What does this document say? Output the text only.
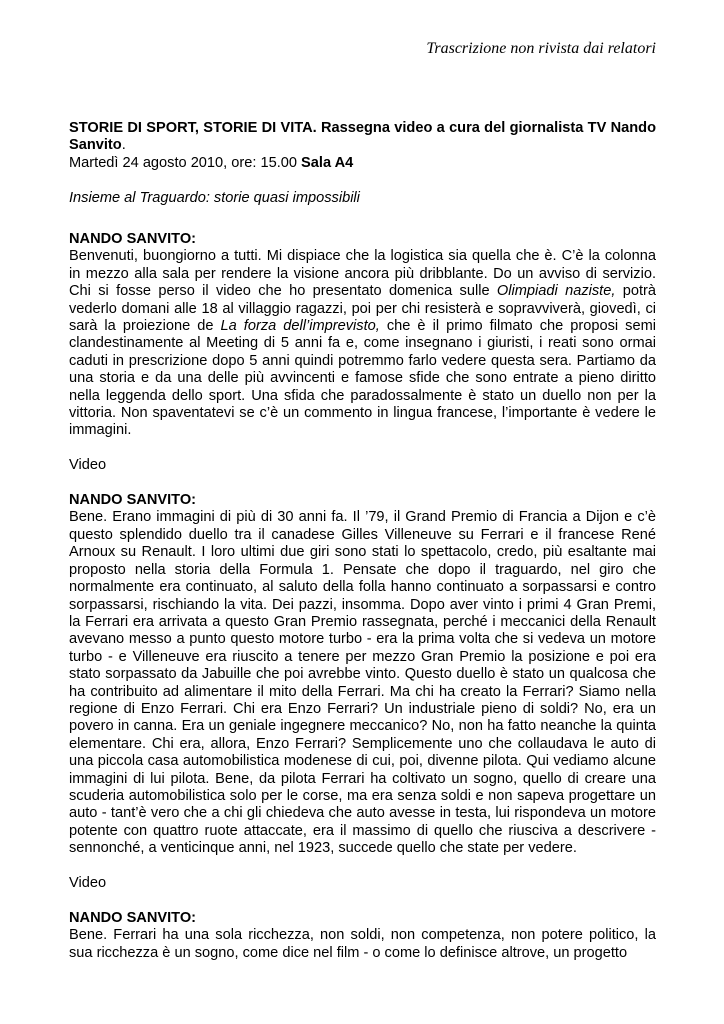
Trascrizione non rivista dai relatori

STORIE DI SPORT, STORIE DI VITA. Rassegna video a cura del giornalista TV Nando Sanvito.

Martedì 24 agosto 2010, ore: 15.00 Sala A4

Insieme al Traguardo: storie quasi impossibili

NANDO SANVITO:

Benvenuti, buongiorno a tutti. Mi dispiace che la logistica sia quella che è. C’è la colonna in mezzo alla sala per rendere la visione ancora più dribblante. Do un avviso di servizio. Chi si fosse perso il video che ho presentato domenica sulle Olimpiadi naziste, potrà vederlo domani alle 18 al villaggio ragazzi, poi per chi resisterà e sopravviverà, giovedì, ci sarà la proiezione de La forza dell’imprevisto, che è il primo filmato che proposi semi clandestinamente al Meeting di 5 anni fa e, come insegnano i giuristi, i reati sono ormai caduti in prescrizione dopo 5 anni quindi potremmo farlo vedere questa sera. Partiamo da una storia e da una delle più avvincenti e famose sfide che sono entrate a pieno diritto nella leggenda dello sport. Una sfida che paradossalmente è stato un duello non per la vittoria. Non spaventatevi se c’è un commento in lingua francese, l’importante è vedere le immagini.

Video

NANDO SANVITO:

Bene. Erano immagini di più di 30 anni fa. Il ’79, il Grand Premio di Francia a Dijon e c’è questo splendido duello tra il canadese Gilles Villeneuve su Ferrari e il francese René Arnoux su Renault. I loro ultimi due giri sono stati lo spettacolo, credo, più esaltante mai proposto nella storia della Formula 1. Pensate che dopo il traguardo, nel giro che normalmente era continuato, al saluto della folla hanno continuato a sorpassarsi e contro sorpassarsi, rischiando la vita. Dei pazzi, insomma. Dopo aver vinto i primi 4 Gran Premi, la Ferrari era arrivata a questo Gran Premio rassegnata, perché i meccanici della Renault avevano messo a punto questo motore turbo - era la prima volta che si vedeva un motore turbo - e Villeneuve era riuscito a tenere per mezzo Gran Premio la posizione e poi era stato sorpassato da Jabuille che poi avrebbe vinto. Questo duello è stato un qualcosa che ha contribuito ad alimentare il mito della Ferrari. Ma chi ha creato la Ferrari? Siamo nella regione di Enzo Ferrari. Chi era Enzo Ferrari? Un industriale pieno di soldi? No, era un povero in canna. Era un geniale ingegnere meccanico? No, non ha fatto neanche la quinta elementare. Chi era, allora, Enzo Ferrari? Semplicemente uno che collaudava le auto di una piccola casa automobilistica modenese di cui, poi, divenne pilota. Qui vediamo alcune immagini di lui pilota. Bene, da pilota Ferrari ha coltivato un sogno, quello di creare una scuderia automobilistica solo per le corse, ma era senza soldi e non sapeva progettare un auto - tant’è vero che a chi gli chiedeva che auto avesse in testa, lui rispondeva un motore potente con quattro ruote attaccate, era il massimo di quello che riusciva a descrivere - sennonché, a venticinque anni, nel 1923, succede quello che state per vedere.

Video

NANDO SANVITO:

Bene. Ferrari ha una sola ricchezza, non soldi, non competenza, non potere politico, la sua ricchezza è un sogno, come dice nel film - o come lo definisce altrove, un progetto
